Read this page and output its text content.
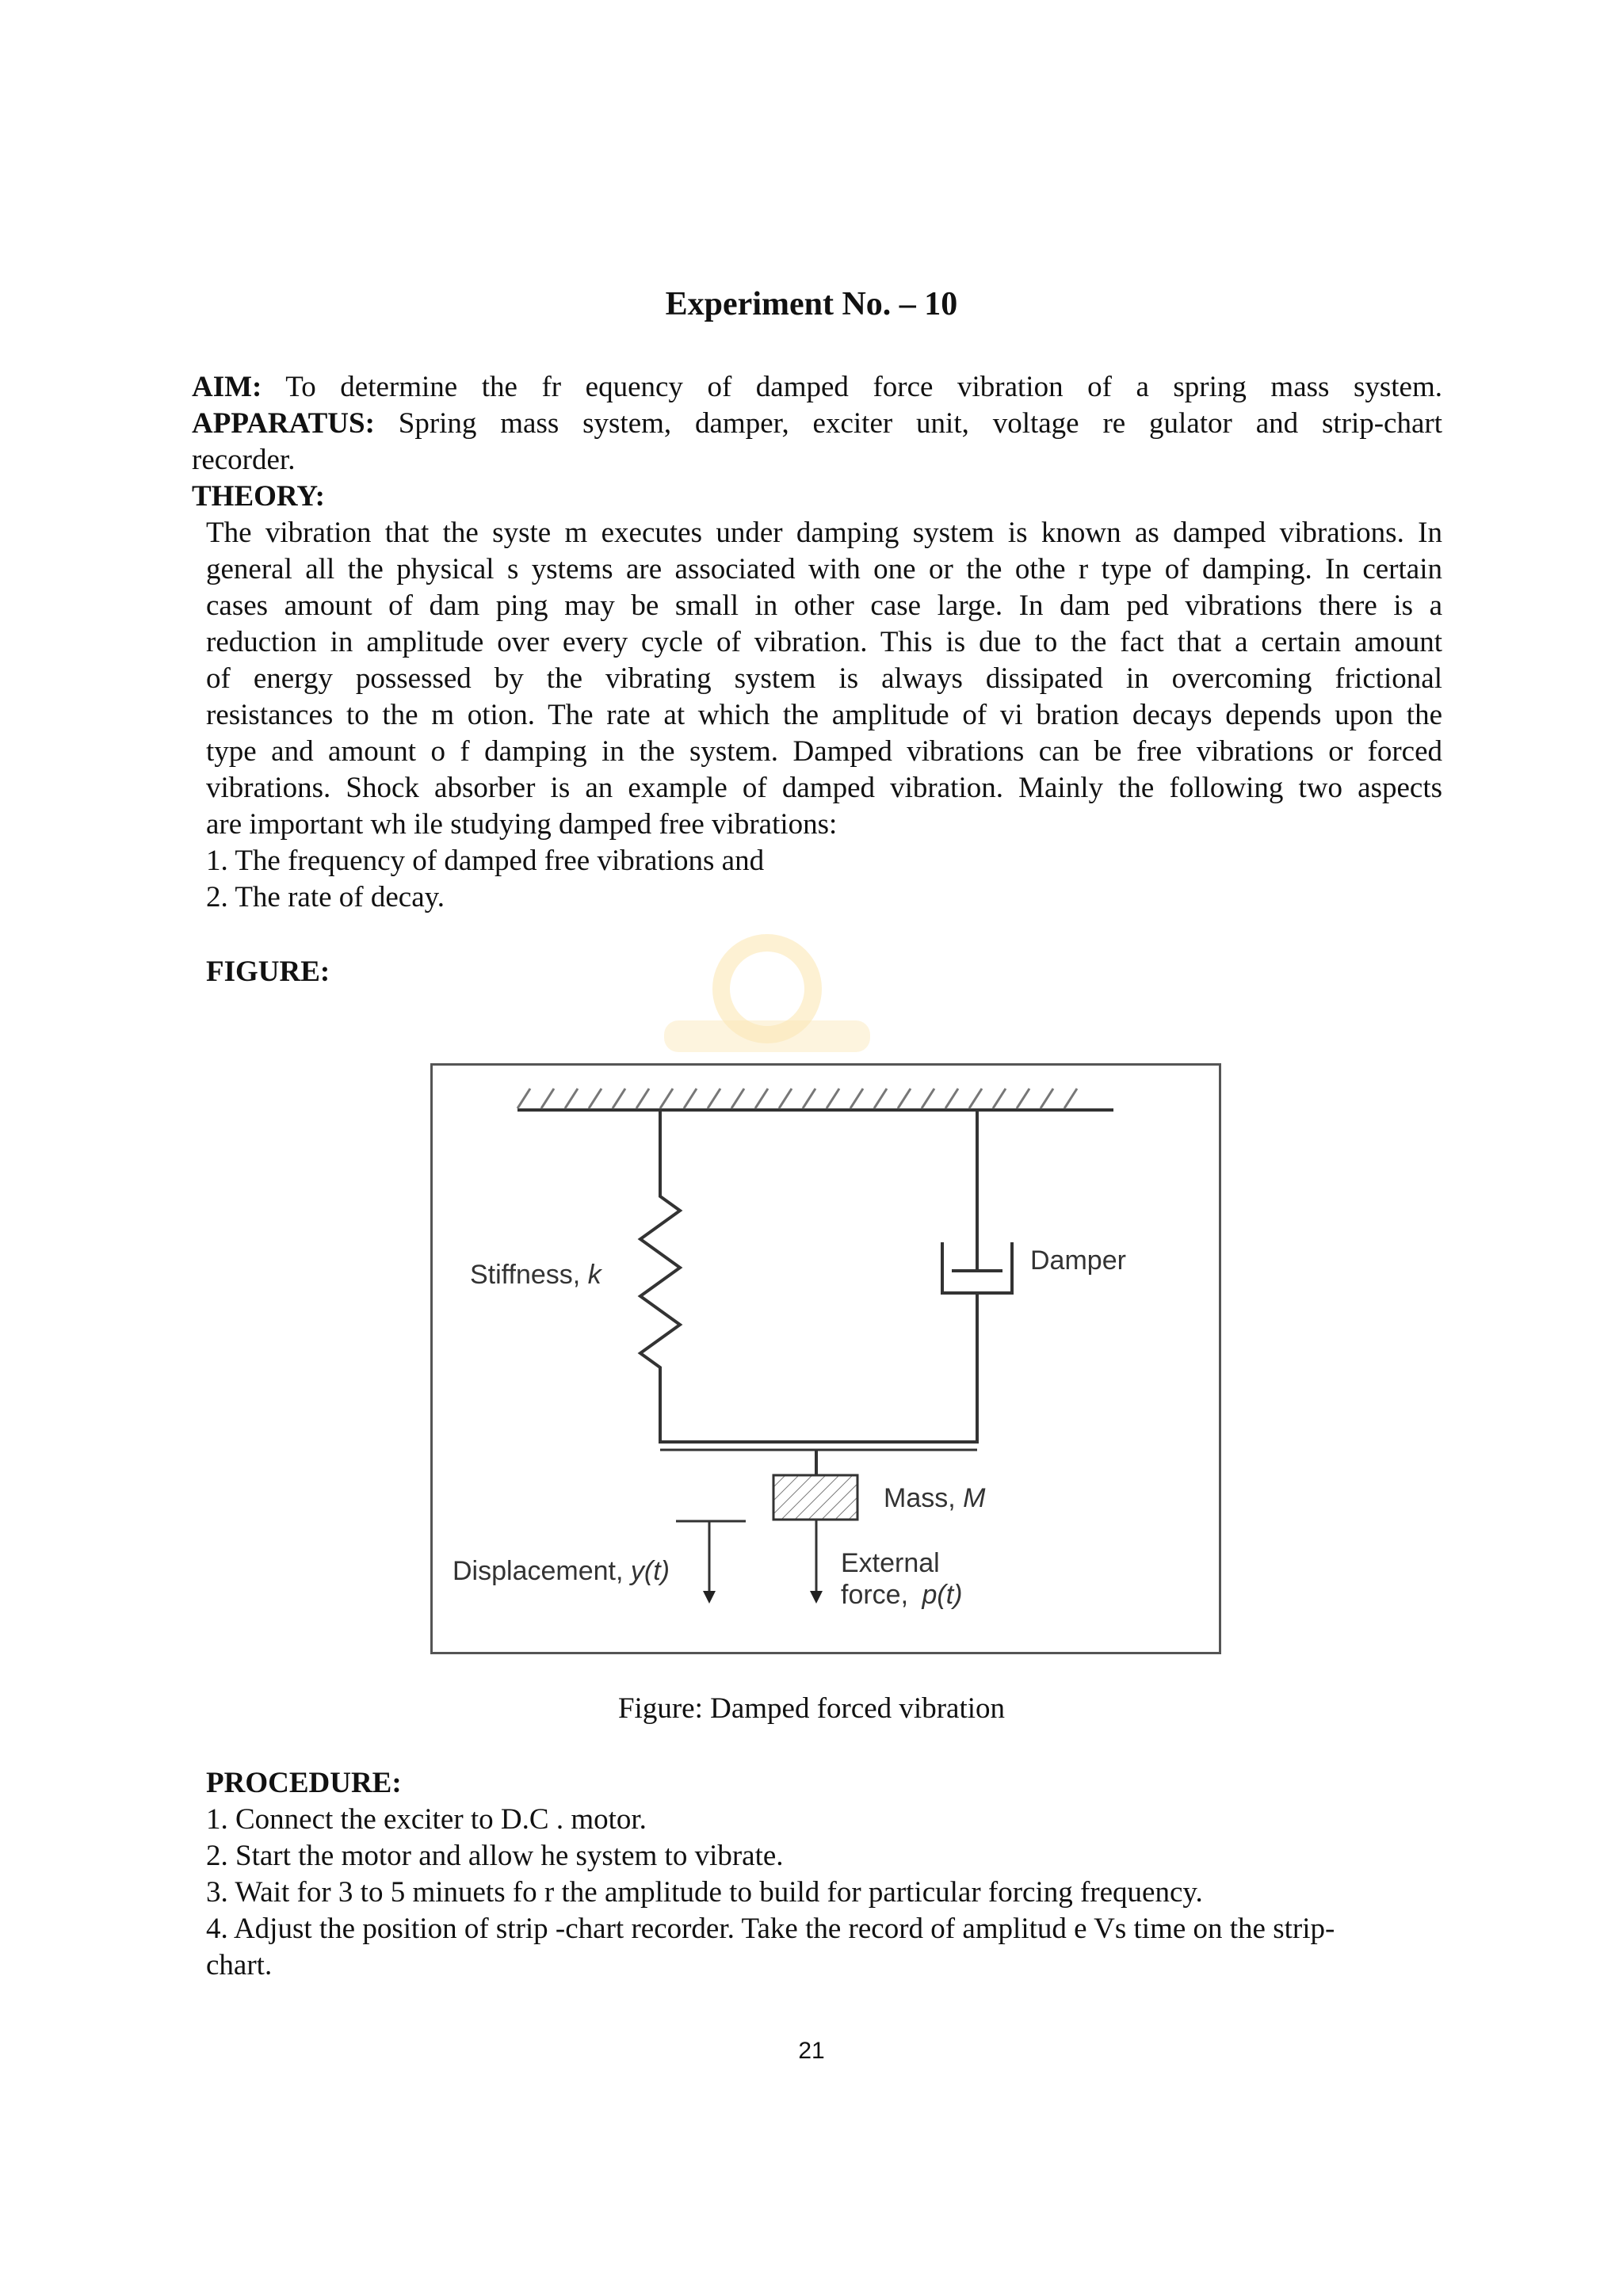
Experiment No. – 10
AIM: To determine the fr equency of damped force vibration of a spring mass system.
APPARATUS: Spring mass system, damper, exciter unit, voltage re gulator and strip-chart
recorder.
THEORY:
The vibration that the syste m executes under damping system is known as damped vibrations. In
general all the physical s ystems are associated with one or the othe r type of damping. In certain
cases amount of dam ping may be small in other case large. In dam ped vibrations there is a
reduction in amplitude over every cycle of vibration. This is due to the fact that a certain amount
of energy possessed by the vibrating system is always dissipated in overcoming frictional
resistances to the m otion. The rate at which the amplitude of vi bration decays depends upon the
type and amount o f damping in the system. Damped vibrations can be free vibrations or forced
vibrations. Shock absorber is an example of damped vibration. Mainly the following two aspects
are important wh ile studying damped free vibrations:
1. The frequency of damped free vibrations and
2. The rate of decay.
FIGURE:
Stiffness, k	Damper
Mass, M
Displacement, y(t)	External
force, p(t)
Figure: Damped forced vibration
PROCEDURE:
1. Connect the exciter to D.C . motor.
2. Start the motor and allow he system to vibrate.
3. Wait for 3 to 5 minuets fo r the amplitude to build for particular forcing frequency.
4. Adjust the position of strip -chart recorder. Take the record of amplitud e Vs time on the strip-
chart.
21
